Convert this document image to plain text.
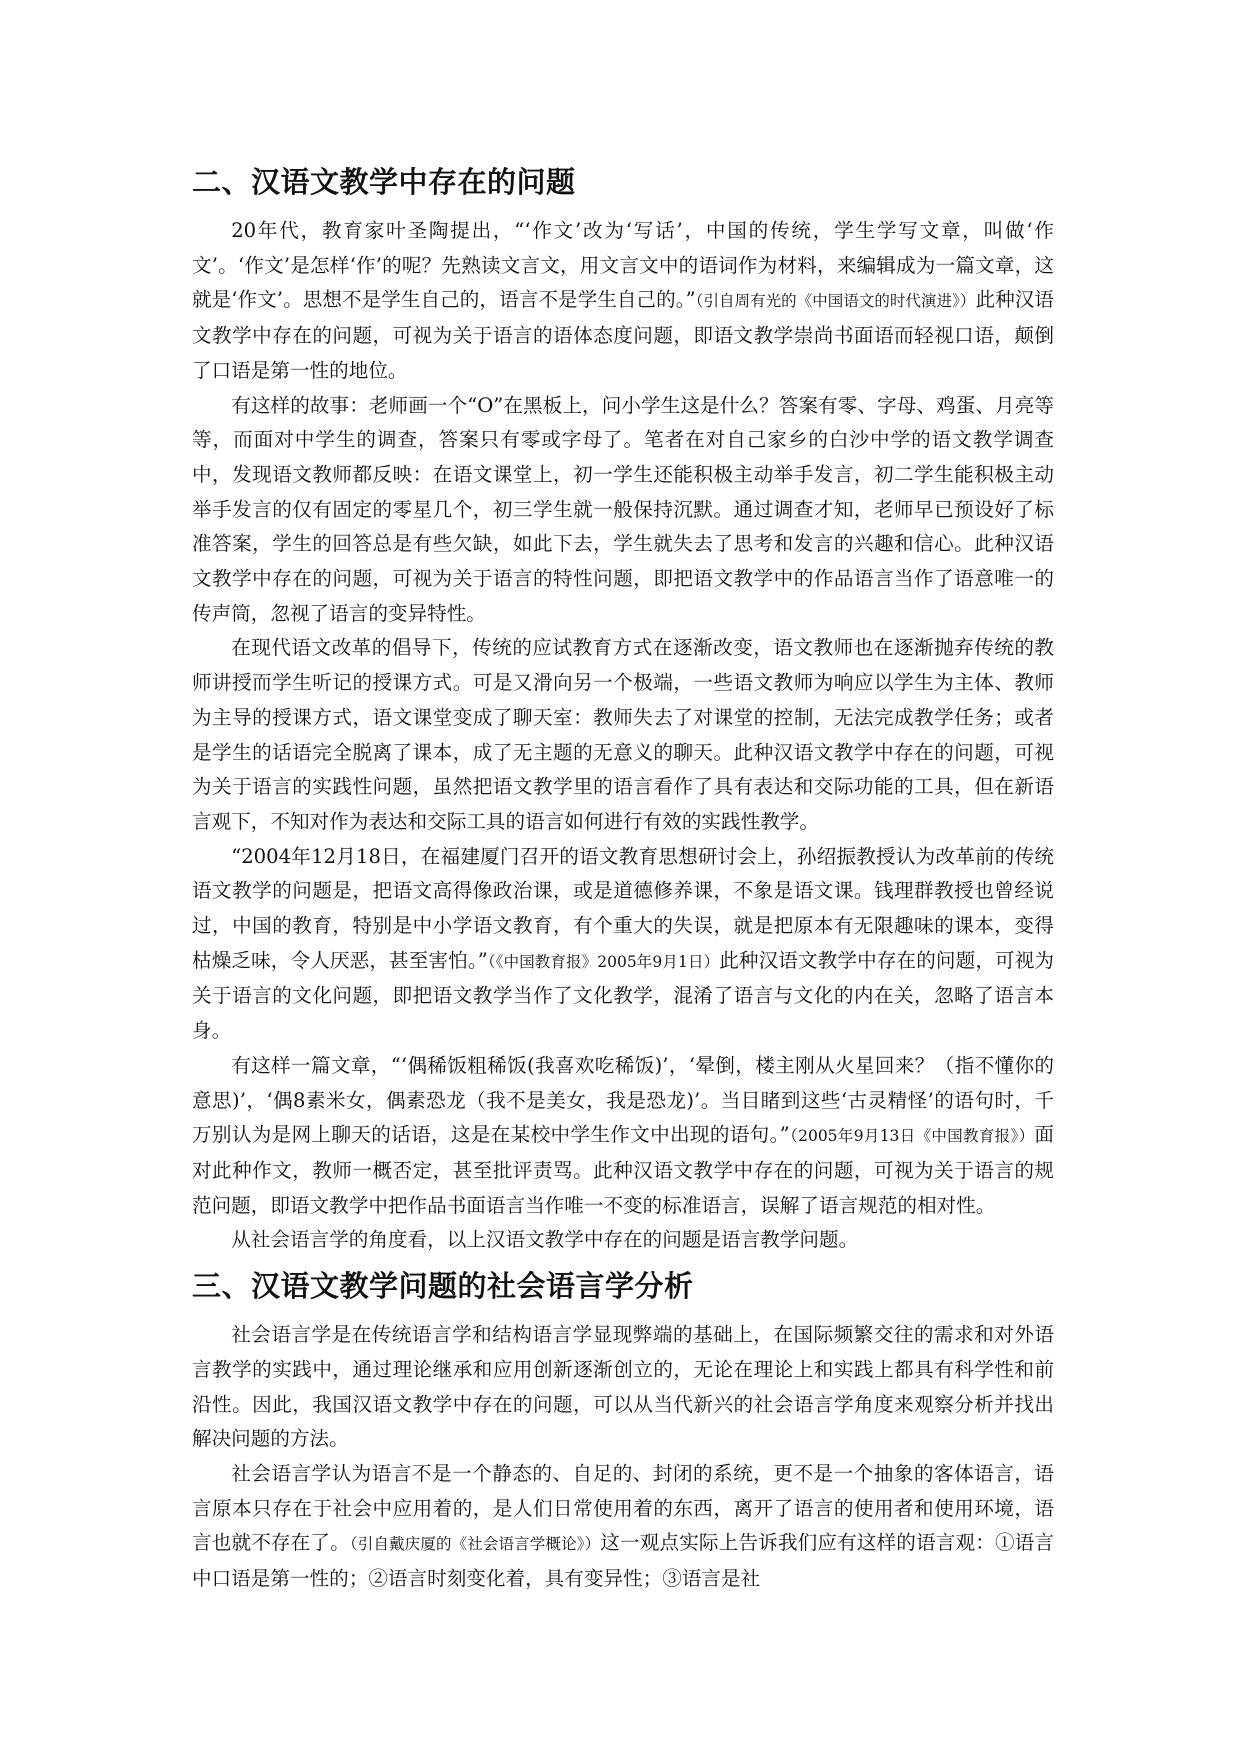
二、汉语文教学中存在的问题

20年代，教育家叶圣陶提出，“‘作文’改为‘写话’，中国的传统，学生学写文章，叫做‘作文’。‘作文’是怎样‘作’的呢？先熟读文言文，用文言文中的语词作为材料，来编辑成为一篇文章，这就是‘作文’。思想不是学生自己的，语言不是学生自己的。”（引自周有光的《中国语文的时代演进》）此种汉语文教学中存在的问题，可视为关于语言的语体态度问题，即语文教学崇尚书面语而轻视口语，颠倒了口语是第一性的地位。

有这样的故事：老师画一个“O”在黑板上，问小学生这是什么？答案有零、字母、鸡蛋、月亮等等，而面对中学生的调查，答案只有零或字母了。笔者在对自己家乡的白沙中学的语文教学调查中，发现语文教师都反映：在语文课堂上，初一学生还能积极主动举手发言，初二学生能积极主动举手发言的仅有固定的零星几个，初三学生就一般保持沉默。通过调查才知，老师早已预设好了标准答案，学生的回答总是有些欠缺，如此下去，学生就失去了思考和发言的兴趣和信心。此种汉语文教学中存在的问题，可视为关于语言的特性问题，即把语文教学中的作品语言当作了语意唯一的传声筒，忽视了语言的变异特性。

在现代语文改革的倡导下，传统的应试教育方式在逐渐改变，语文教师也在逐渐抛弃传统的教师讲授而学生听记的授课方式。可是又滑向另一个极端，一些语文教师为响应以学生为主体、教师为主导的授课方式，语文课堂变成了聊天室：教师失去了对课堂的控制，无法完成教学任务；或者是学生的话语完全脱离了课本，成了无主题的无意义的聊天。此种汉语文教学中存在的问题，可视为关于语言的实践性问题，虽然把语文教学里的语言看作了具有表达和交际功能的工具，但在新语言观下，不知对作为表达和交际工具的语言如何进行有效的实践性教学。

“2004年12月18日，在福建厦门召开的语文教育思想研讨会上，孙绍振教授认为改革前的传统语文教学的问题是，把语文高得像政治课，或是道德修养课，不象是语文课。钱理群教授也曾经说过，中国的教育，特别是中小学语文教育，有个重大的失误，就是把原本有无限趣味的课本，变得枯燥乏味，令人厌恶，甚至害怕。”（《中国教育报》2005年9月1日）此种汉语文教学中存在的问题，可视为关于语言的文化问题，即把语文教学当作了文化教学，混淆了语言与文化的内在关，忽略了语言本身。

有这样一篇文章，“‘偶稀饭粗稀饭(我喜欢吃稀饭)’，‘晕倒，楼主刚从火星回来？（指不懂你的意思)’，‘偶8素米女，偶素恐龙（我不是美女，我是恐龙)’。当目睹到这些‘古灵精怪’的语句时，千万别认为是网上聊天的话语，这是在某校中学生作文中出现的语句。”（2005年9月13日《中国教育报》）面对此种作文，教师一概否定，甚至批评责骂。此种汉语文教学中存在的问题，可视为关于语言的规范问题，即语文教学中把作品书面语言当作唯一不变的标准语言，误解了语言规范的相对性。

从社会语言学的角度看，以上汉语文教学中存在的问题是语言教学问题。

三、汉语文教学问题的社会语言学分析

社会语言学是在传统语言学和结构语言学显现弊端的基础上，在国际频繁交往的需求和对外语言教学的实践中，通过理论继承和应用创新逐渐创立的，无论在理论上和实践上都具有科学性和前沿性。因此，我国汉语文教学中存在的问题，可以从当代新兴的社会语言学角度来观察分析并找出解决问题的方法。

社会语言学认为语言不是一个静态的、自足的、封闭的系统，更不是一个抽象的客体语言，语言原本只存在于社会中应用着的，是人们日常使用着的东西，离开了语言的使用者和使用环境，语言也就不存在了。（引自戴庆厦的《社会语言学概论》）这一观点实际上告诉我们应有这样的语言观：①语言中口语是第一性的；②语言时刻变化着，具有变异性；③语言是社
